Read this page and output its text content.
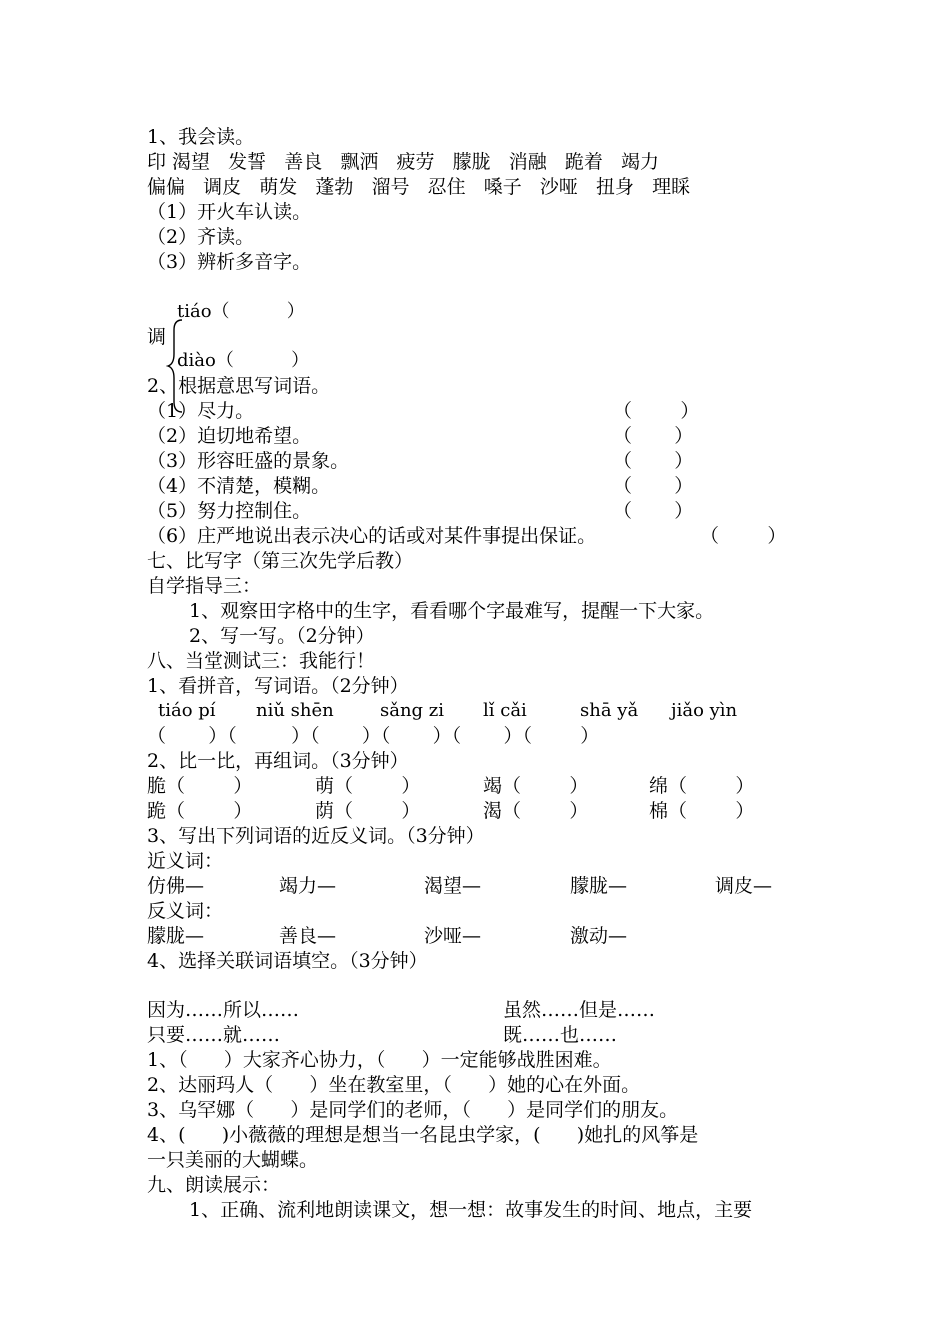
1、我会读。
印 渴望   发誓   善良   飘洒   疲劳   朦胧   消融   跪着   竭力
偏偏   调皮   萌发   蓬勃   溜号   忍住   嗓子   沙哑   扭身   理睬
（1）开火车认读。
（2）齐读。
（3）辨析多音字。
tiáo（          ）
调
diào（          ）
2、根据意思写词语。
（1）尽力。	（        ）
（2）迫切地希望。	（       ）
（3）形容旺盛的景象。	（       ）
（4）不清楚，模糊。	（       ）
（5）努力控制住。	（       ）
（6）庄严地说出表示决心的话或对某件事提出保证。	（        ）
七、比写字（第三次先学后教）
自学指导三：
1、观察田字格中的生字，看看哪个字最难写，提醒一下大家。
2、写一写。（2分钟）
八、当堂测试三：我能行！
1、看拼音，写词语。（2分钟）
tiáo pí niǔ shēn	sǎng zi lǐ cǎi	shā yǎ jiǎo yìn
（       ）（         ）（       ）（       ）（       ）（        ）
2、比一比，再组词。（3分钟）
脆（        ）	萌（        ）	竭（        ）	绵（        ）
跪（        ）	荫（        ）	渴（        ）	棉（        ）
3、写出下列词语的近反义词。（3分钟）
近义词：
仿佛—	竭力—	渴望—	朦胧—	调皮—
反义词：
朦胧—	善良—	沙哑—	激动—
4、选择关联词语填空。（3分钟）
因为……所以……	虽然……但是……
只要……就……	既……也……
1、（      ）大家齐心协力，（      ）一定能够战胜困难。
2、达丽玛人（      ）坐在教室里，（      ）她的心在外面。
3、乌罕娜（      ）是同学们的老师，（      ）是同学们的朋友。
4、(      )小薇薇的理想是想当一名昆虫学家，(      )她扎的风筝是
一只美丽的大蝴蝶。
九、朗读展示：
1、正确、流利地朗读课文，想一想：故事发生的时间、地点，主要
